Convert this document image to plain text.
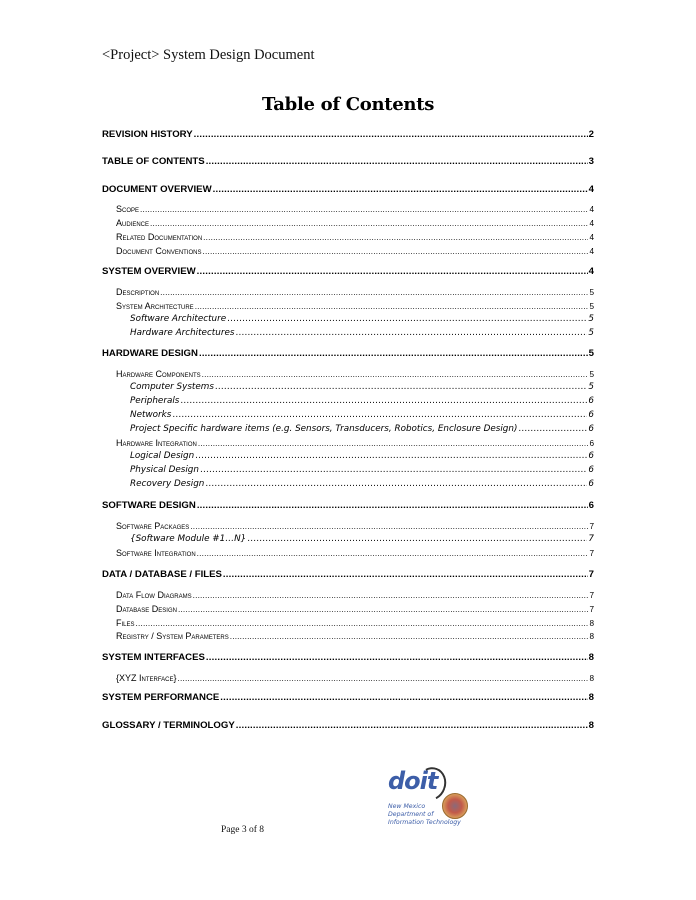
<Project> System Design Document
Table of Contents
REVISION HISTORY .....	2
TABLE OF CONTENTS .....	3
DOCUMENT OVERVIEW .....	4
Scope .....	4
Audience .....	4
Related Documentation .....	4
Document Conventions .....	4
SYSTEM OVERVIEW .....	4
Description .....	5
System Architecture .....	5
Software Architecture .....	5
Hardware Architectures .....	5
HARDWARE DESIGN .....	5
Hardware Components .....	5
Computer Systems .....	5
Peripherals .....	6
Networks .....	6
Project Specific hardware items (e.g. Sensors, Transducers, Robotics, Enclosure Design) .....	6
Hardware Integration .....	6
Logical Design .....	6
Physical Design .....	6
Recovery Design .....	6
SOFTWARE DESIGN .....	6
Software Packages .....	7
{Software Module #1…N} .....	7
Software Integration .....	7
DATA / DATABASE / FILES .....	7
Data Flow Diagrams .....	7
Database Design .....	7
Files .....	8
Registry / System Parameters .....	8
SYSTEM INTERFACES .....	8
{XYZ Interface} .....	8
SYSTEM PERFORMANCE .....	8
GLOSSARY / TERMINOLOGY .....	8
Page 3 of 8
doit
New Mexico
Department of
Information Technology
